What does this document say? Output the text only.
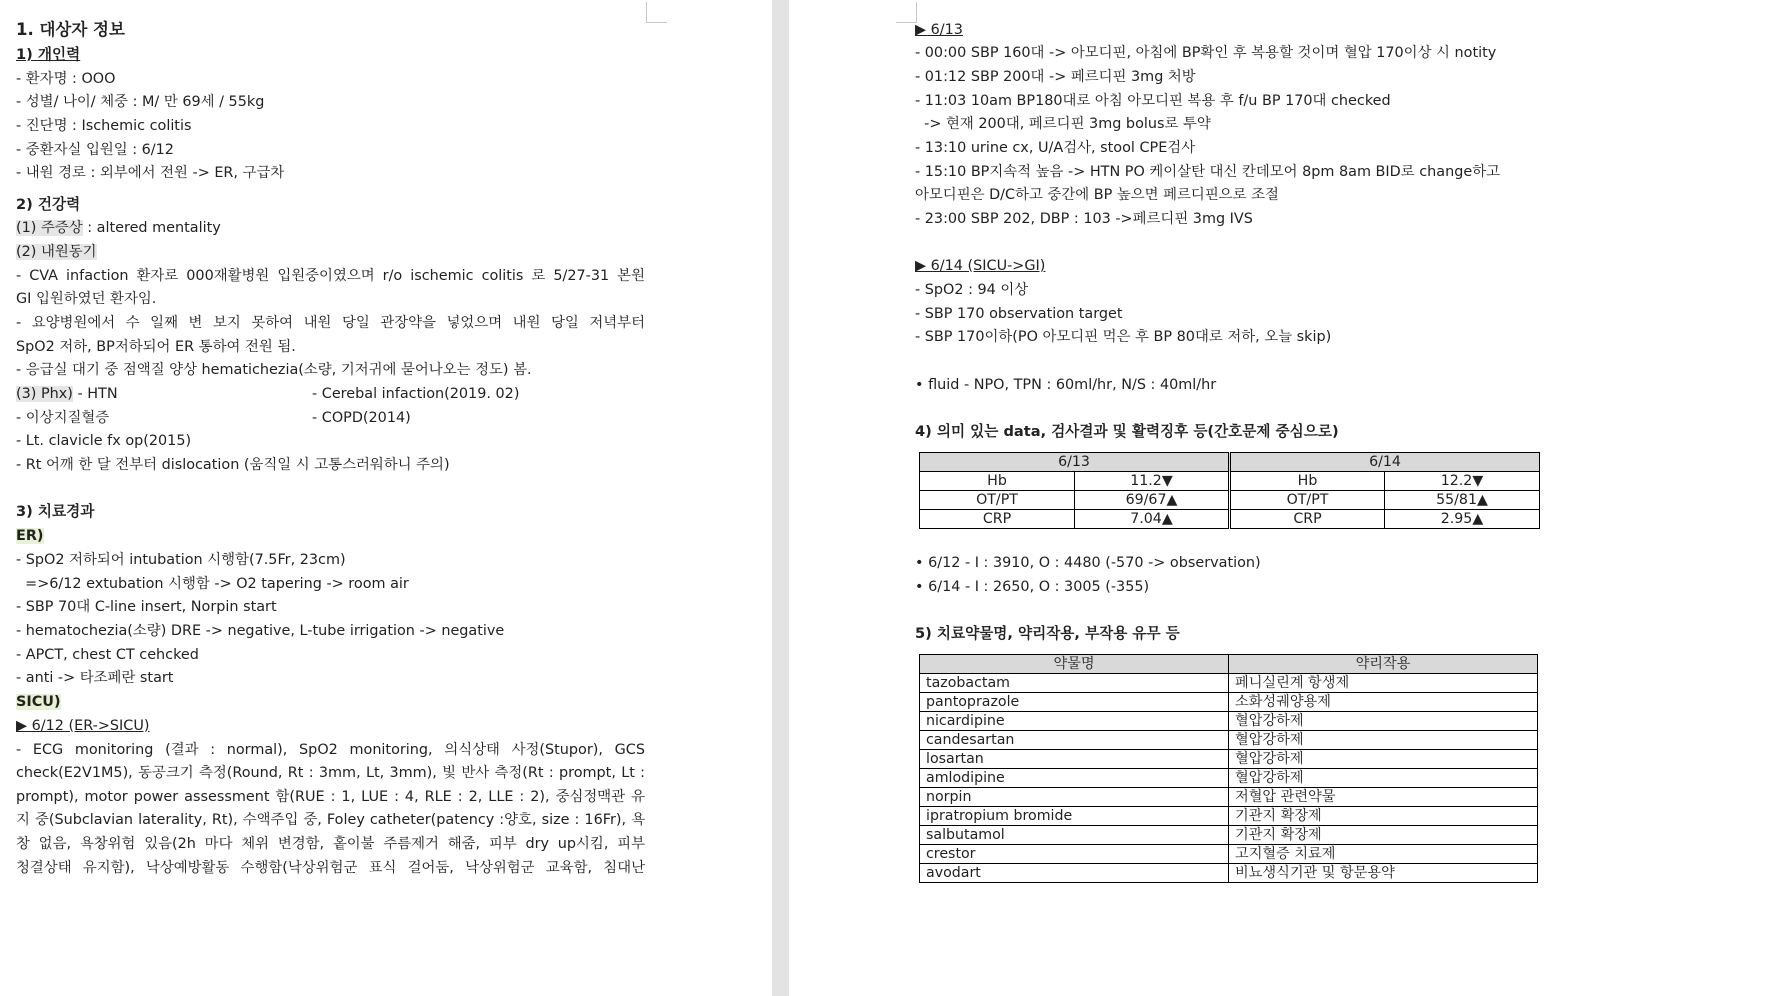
1. 대상자 정보
1) 개인력
- 환자명 : OOO
- 성별/ 나이/ 체중 : M/ 만 69세 / 55kg
- 진단명 : Ischemic colitis
- 중환자실 입원일 : 6/12
- 내원 경로 : 외부에서 전원 -> ER, 구급차
2) 건강력
(1) 주증상 : altered mentality
(2) 내원동기
- CVA infaction 환자로 000재활병원 입원중이였으며 r/o ischemic colitis 로 5/27-31 본원
GI 입원하였던 환자임.
- 요양병원에서 수 일째 변 보지 못하여 내원 당일 관장약을 넣었으며 내원 당일 저녁부터
SpO2 저하, BP저하되어 ER 통하여 전원 됨.
- 응급실 대기 중 점액질 양상 hematichezia(소량, 기저귀에 묻어나오는 정도) 봄.
(3) Phx) - HTN	- Cerebal infaction(2019. 02)
- 이상지질혈증	- COPD(2014)
- Lt. clavicle fx op(2015)
- Rt 어깨 한 달 전부터 dislocation (움직일 시 고통스러워하니 주의)
3) 치료경과
ER)
- SpO2 저하되어 intubation 시행함(7.5Fr, 23cm)
=>6/12 extubation 시행함 -> O2 tapering -> room air
- SBP 70대 C-line insert, Norpin start
- hematochezia(소량) DRE -> negative, L-tube irrigation -> negative
- APCT, chest CT cehcked
- anti -> 타조페란 start
SICU)
▶ 6/12 (ER->SICU)
- ECG monitoring (결과 : normal), SpO2 monitoring, 의식상태 사정(Stupor), GCS
check(E2V1M5), 동공크기 측정(Round, Rt : 3mm, Lt, 3mm), 빛 반사 측정(Rt : prompt, Lt :
prompt), motor power assessment 함(RUE : 1, LUE : 4, RLE : 2, LLE : 2), 중심정맥관 유
지 중(Subclavian laterality, Rt), 수액주입 중, Foley catheter(patency :양호, size : 16Fr), 욕
창 없음, 욕창위험 있음(2h 마다 체위 변경함, 홑이불 주름제거 해줌, 피부 dry up시킴, 피부
청결상태 유지함), 낙상예방활동 수행함(낙상위험군 표식 걸어둠, 낙상위험군 교육함, 침대난
▶ 6/13
- 00:00 SBP 160대 -> 아모디핀, 아침에 BP확인 후 복용할 것이며 혈압 170이상 시 notity
- 01:12 SBP 200대 -> 페르디핀 3mg 처방
- 11:03 10am BP180대로 아침 아모디핀 복용 후 f/u BP 170대 checked
-> 현재 200대, 페르디핀 3mg bolus로 투약
- 13:10 urine cx, U/A검사, stool CPE검사
- 15:10 BP지속적 높음 -> HTN PO 케이살탄 대신 칸데모어 8pm 8am BID로 change하고
아모디핀은 D/C하고 중간에 BP 높으면 페르디핀으로 조절
- 23:00 SBP 202, DBP : 103 ->페르디핀 3mg IVS
▶ 6/14 (SICU->GI)
- SpO2 : 94 이상
- SBP 170 observation target
- SBP 170이하(PO 아모디핀 먹은 후 BP 80대로 저하, 오늘 skip)
• fluid - NPO, TPN : 60ml/hr, N/S : 40ml/hr
4) 의미 있는 data, 검사결과 및 활력징후 등(간호문제 중심으로)
6/13		6/14	
Hb	11.2▼	Hb	12.2▼
OT/PT	69/67▲	OT/PT	55/81▲
CRP	7.04▲	CRP	2.95▲
• 6/12 - I : 3910, O : 4480 (-570 -> observation)
• 6/14 - I : 2650, O : 3005 (-355)
5) 치료약물명, 약리작용, 부작용 유무 등
약물명	약리작용
tazobactam	페니실린계 항생제
pantoprazole	소화성궤양용제
nicardipine	혈압강하제
candesartan	혈압강하제
losartan	혈압강하제
amlodipine	혈압강하제
norpin	저혈압 관련약물
ipratropium bromide	기관지 확장제
salbutamol	기관지 확장제
crestor	고지혈증 치료제
avodart	비뇨생식기관 및 항문용약
